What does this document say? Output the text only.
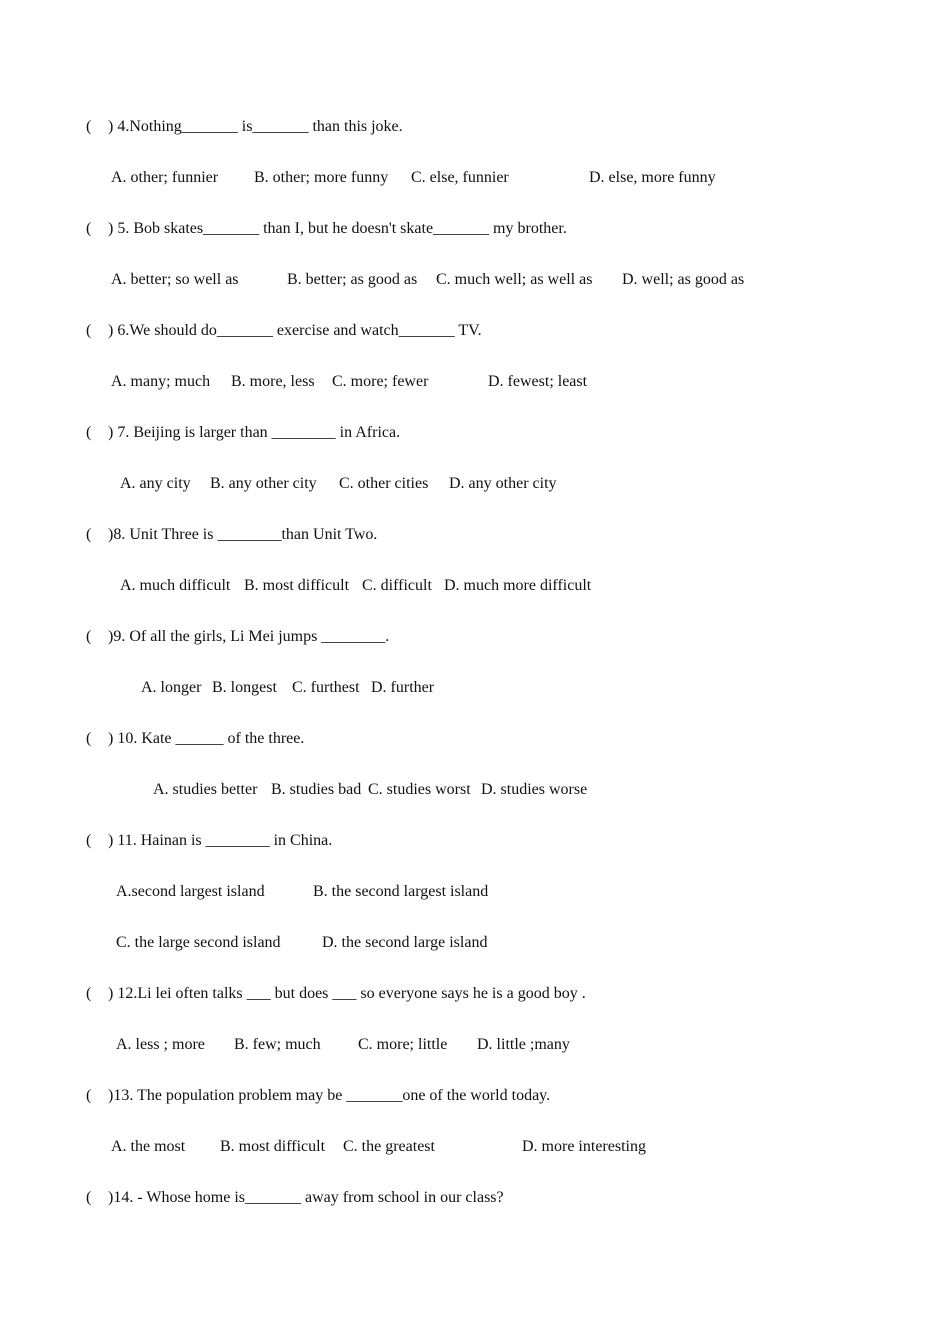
( ) 4.Nothing_______ is_______ than this joke.
A. other; funnier B. other; more funny C. else, funnier	D. else, more funny
( ) 5. Bob skates_______ than I, but he doesn't skate_______ my brother.
A. better; so well as	B. better; as good as C. much well; as well as D. well; as good as
( ) 6.We should do_______ exercise and watch_______ TV.
A. many; much B. more, less C. more; fewer	D. fewest; least
( ) 7. Beijing is larger than ________ in Africa.
A. any city B. any other city C. other cities D. any other city
( )8. Unit Three is ________than Unit Two.
A. much difficult B. most difficult C. difficult D. much more difficult
( )9. Of all the girls, Li Mei jumps ________.
A. longer B. longest C. furthest D. further
( ) 10. Kate ______ of the three.
A. studies better B. studies bad C. studies worst D. studies worse
( ) 11. Hainan is ________ in China.
A.second largest island	B. the second largest island
C. the large second island	D. the second large island
( ) 12.Li lei often talks ___ but does ___ so everyone says he is a good boy .
A. less ; more B. few; much C. more; little D. little ;many
( )13. The population problem may be _______one of the world today.
A. the most B. most difficult C. the greatest	D. more interesting
( )14. - Whose home is_______ away from school in our class?
